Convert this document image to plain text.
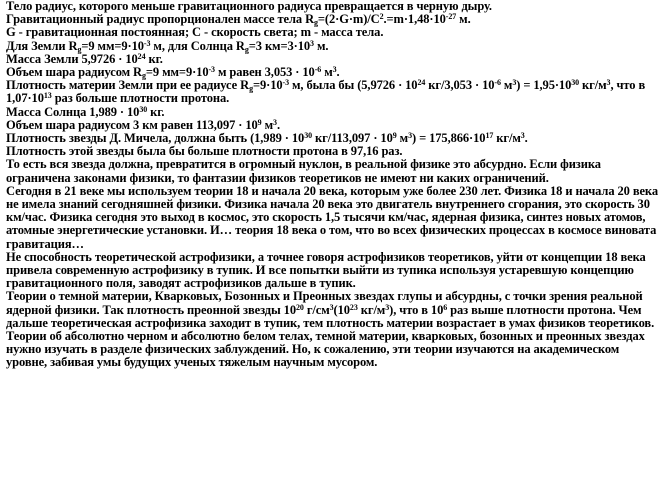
Тело радиус, которого меньше гравитационного радиуса превращается в черную дыру.

Гравитационный радиус пропорционален массе тела $R_g=(2\cdot G\cdot m)/C^2.=m\cdot 1,48\cdot 10^{-27}$ м.

G - гравитационная постоянная; C - скорость света; m - масса тела.

Для Земли $R_g=9$ $мм=9\cdot 10^{-3}$ м, для Солнца $R_g=3$ $км=3\cdot 10^3$ м.

Масса Земли $5,9726 \cdot 10^{24}$ кг.

Объем шара радиусом $R_g=9$ $мм=9\cdot 10^{-3}$ м равен $3,053 \cdot 10^{-6}$ $м^3$.

Плотность материи Земли при ее радиусе $R_g=9\cdot 10^{-3}$ м, была бы ($5,9726 \cdot 10^{24}$ $кг/3,053 \cdot 10^{-6}$ $м^3) = 1,95\cdot 10^{30}$ $кг/м^3$, что в $1,07\cdot 10^{13}$ раз больше плотности протона.

Масса Солнца $1,989 \cdot 10^{30}$ кг.

Объем шара радиусом 3 км равен $113,097 \cdot 10^9$ $м^3$.

Плотность звезды Д. Мичела, должна быть ($1,989 \cdot 10^{30}$ $кг/113,097 \cdot 10^9$ $м^3) = 175,866\cdot 10^{17}$ $кг/м^3$.

Плотность этой звезды была бы больше плотности протона в 97,16 раз.

То есть вся звезда должна, превратится в огромный нуклон, в реальной физике это абсурдно. Если физика ограничена законами физики, то фантазии физиков теоретиков не имеют ни каких ограничений.

Сегодня в 21 веке мы используем теории 18 и начала 20 века, которым уже более 230 лет. Физика 18 и начала 20 века не имела знаний сегодняшней физики. Физика начала 20 века это двигатель внутреннего сгорания, это скорость 30 км/час. Физика сегодня это выход в космос, это скорость 1,5 тысячи км/час, ядерная физика, синтез новых атомов, атомные энергетические установки. И… теория 18 века о том, что во всех физических процессах в космосе виновата гравитация…

Не способность теоретической астрофизики, а точнее говоря астрофизиков теоретиков, уйти от концепции 18 века привела современную астрофизику в тупик. И все попытки выйти из тупика используя устаревшую концепцию гравитационного поля, заводят астрофизиков дальше в тупик.

Теории о темной материи, Кварковых, Бозонных и Преонных звездах глупы и абсурдны, с точки зрения реальной ядерной физики. Так плотность преонной звезды $10^{20}$ $г/см^3(10^{23}$ $кг/м^3$), что в $10^6$ раз выше плотности протона. Чем дальше теоретическая астрофизика заходит в тупик, тем плотность материи возрастает в умах физиков теоретиков.

Теории об абсолютно черном и абсолютно белом телах, темной материи, кварковых, бозонных и преонных звездах нужно изучать в разделе физических заблуждений. Но, к сожалению, эти теории изучаются на академическом уровне, забивая умы будущих ученых тяжелым научным мусором.
